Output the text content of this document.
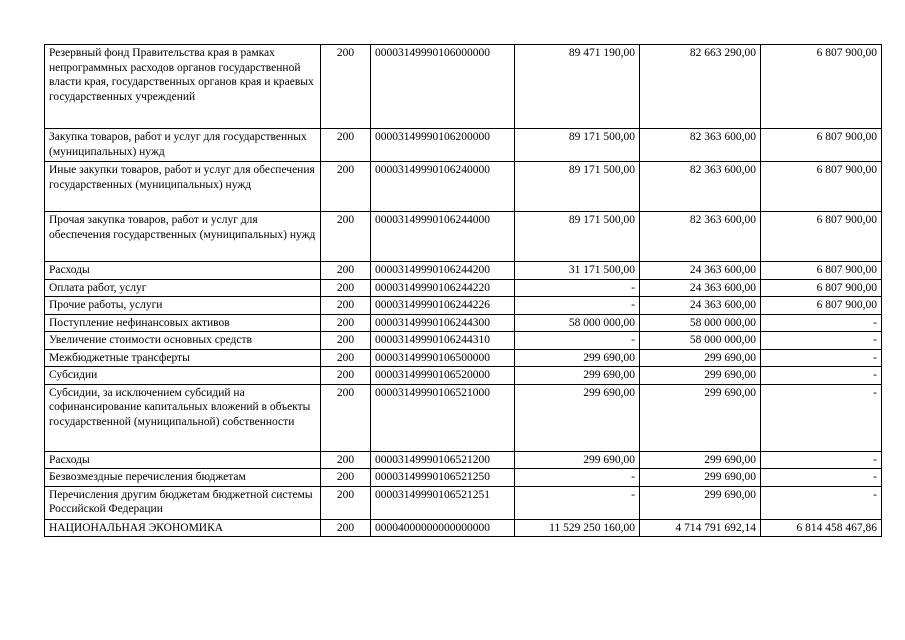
Резервный фонд Правительства края в рамках непрограммных расходов органов государственной власти края, государственных органов края и краевых государственных учреждений	200	00003149990106000000	89 471 190,00	82 663 290,00	6 807 900,00
Закупка товаров, работ и услуг для государственных (муниципальных) нужд	200	00003149990106200000	89 171 500,00	82 363 600,00	6 807 900,00
Иные закупки товаров, работ и услуг для обеспечения государственных (муниципальных) нужд	200	00003149990106240000	89 171 500,00	82 363 600,00	6 807 900,00
Прочая закупка товаров, работ и услуг для обеспечения государственных (муниципальных) нужд	200	00003149990106244000	89 171 500,00	82 363 600,00	6 807 900,00
Расходы	200	00003149990106244200	31 171 500,00	24 363 600,00	6 807 900,00
Оплата работ, услуг	200	00003149990106244220	-	24 363 600,00	6 807 900,00
Прочие работы, услуги	200	00003149990106244226	-	24 363 600,00	6 807 900,00
Поступление нефинансовых активов	200	00003149990106244300	58 000 000,00	58 000 000,00	-
Увеличение стоимости основных средств	200	00003149990106244310	-	58 000 000,00	-
Межбюджетные трансферты	200	00003149990106500000	299 690,00	299 690,00	-
Субсидии	200	00003149990106520000	299 690,00	299 690,00	-
Субсидии, за исключением субсидий на софинансирование капитальных вложений в объекты государственной (муниципальной) собственности	200	00003149990106521000	299 690,00	299 690,00	-
Расходы	200	00003149990106521200	299 690,00	299 690,00	-
Безвозмездные перечисления бюджетам	200	00003149990106521250	-	299 690,00	-
Перечисления другим бюджетам бюджетной системы Российской Федерации	200	00003149990106521251	-	299 690,00	-
НАЦИОНАЛЬНАЯ ЭКОНОМИКА	200	00004000000000000000	11 529 250 160,00	4 714 791 692,14	6 814 458 467,86
